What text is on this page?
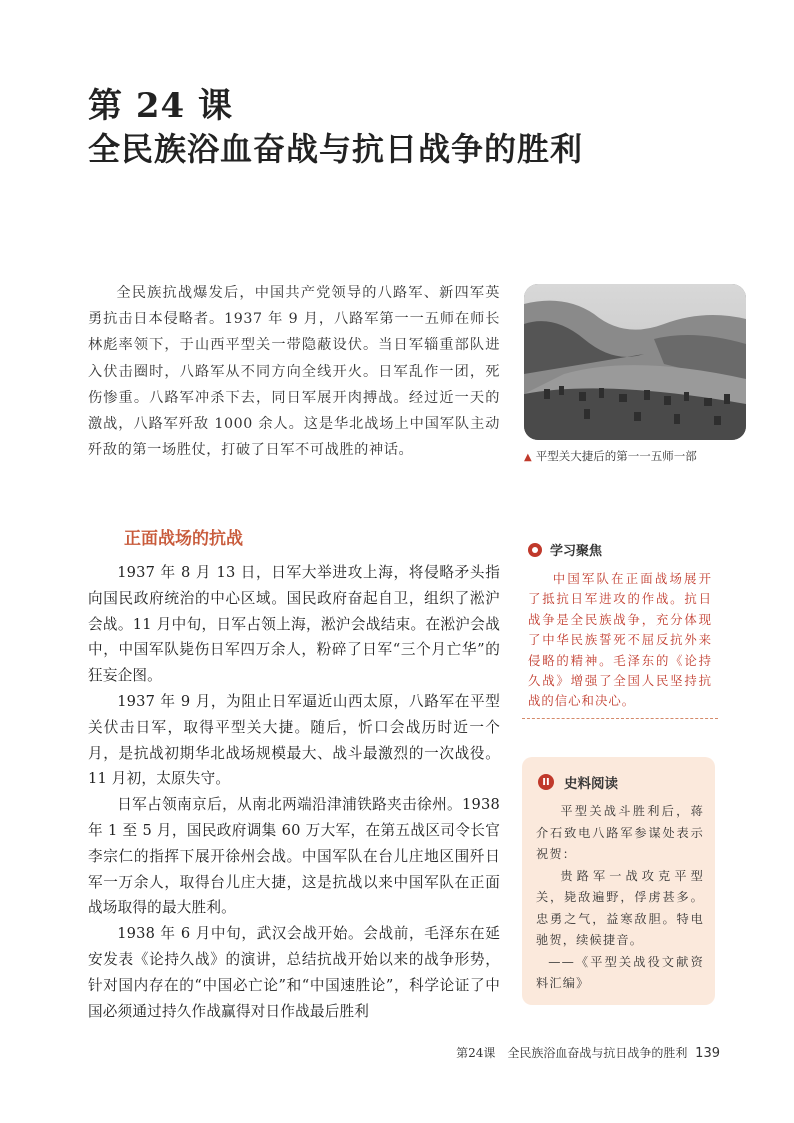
第 24 课
全民族浴血奋战与抗日战争的胜利

全民族抗战爆发后，中国共产党领导的八路军、新四军英勇抗击日本侵略者。1937 年 9 月，八路军第一一五师在师长林彪率领下，于山西平型关一带隐蔽设伏。当日军辎重部队进入伏击圈时，八路军从不同方向全线开火。日军乱作一团，死伤惨重。八路军冲杀下去，同日军展开肉搏战。经过近一天的激战，八路军歼敌 1000 余人。这是华北战场上中国军队主动歼敌的第一场胜仗，打破了日军不可战胜的神话。	▲ 平型关大捷后的第一一五师一部
正面战场的抗战

1937 年 8 月 13 日，日军大举进攻上海，将侵略矛头指向国民政府统治的中心区域。国民政府奋起自卫，组织了淞沪会战。11 月中旬，日军占领上海，淞沪会战结束。在淞沪会战中，中国军队毙伤日军四万余人，粉碎了日军“三个月亡华”的狂妄企图。

1937 年 9 月，为阻止日军逼近山西太原，八路军在平型关伏击日军，取得平型关大捷。随后，忻口会战历时近一个月，是抗战初期华北战场规模最大、战斗最激烈的一次战役。11 月初，太原失守。

日军占领南京后，从南北两端沿津浦铁路夹击徐州。1938 年 1 至 5 月，国民政府调集 60 万大军，在第五战区司令长官李宗仁的指挥下展开徐州会战。中国军队在台儿庄地区围歼日军一万余人，取得台儿庄大捷，这是抗战以来中国军队在正面战场取得的最大胜利。

1938 年 6 月中旬，武汉会战开始。会战前，毛泽东在延安发表《论持久战》的演讲，总结抗战开始以来的战争形势，针对国内存在的“中国必亡论”和“中国速胜论”，科学论证了中国必须通过持久作战赢得对日作战最后胜利

学习聚焦
中国军队在正面战场展开了抵抗日军进攻的作战。抗日战争是全民族战争，充分体现了中华民族誓死不屈反抗外来侵略的精神。毛泽东的《论持久战》增强了全国人民坚持抗战的信心和决心。
II	史料阅读

平型关战斗胜利后，蒋介石致电八路军参谋处表示祝贺：

贵路军一战攻克平型关，毙敌遍野，俘虏甚多。忠勇之气，益寒敌胆。特电驰贺，续候捷音。

——《平型关战役文献资料汇编》

第24课　全民族浴血奋战与抗日战争的胜利 139
